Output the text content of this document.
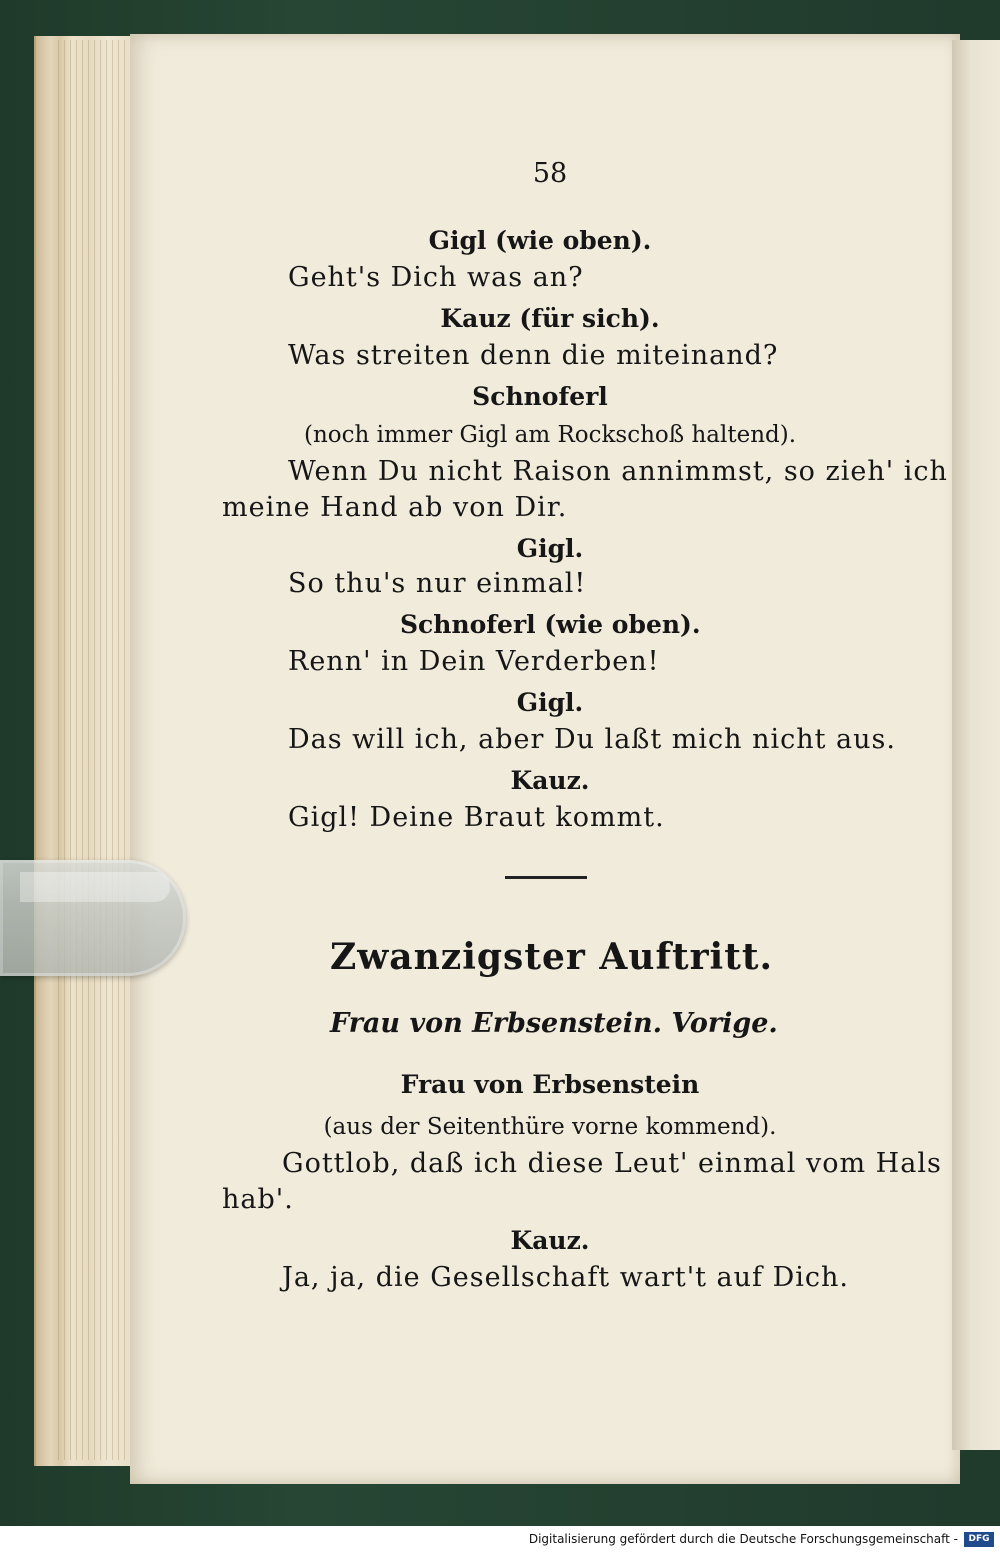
58
Gigl (wie oben).
Geht's Dich was an?
Kauz (für sich).
Was streiten denn die miteinand?
Schnoferl
(noch immer Gigl am Rockschoß haltend).
Wenn Du nicht Raison annimmst, so zieh' ich
meine Hand ab von Dir.
Gigl.
So thu's nur einmal!
Schnoferl (wie oben).
Renn' in Dein Verderben!
Gigl.
Das will ich, aber Du laßt mich nicht aus.
Kauz.
Gigl! Deine Braut kommt.
Zwanzigster Auftritt.
Frau von Erbsenstein. Vorige.
Frau von Erbsenstein
(aus der Seitenthüre vorne kommend).
Gottlob, daß ich diese Leut' einmal vom Hals
hab'.
Kauz.
Ja, ja, die Gesellschaft wart't auf Dich.
Digitalisierung gefördert durch die Deutsche Forschungsgemeinschaft -	DFG
